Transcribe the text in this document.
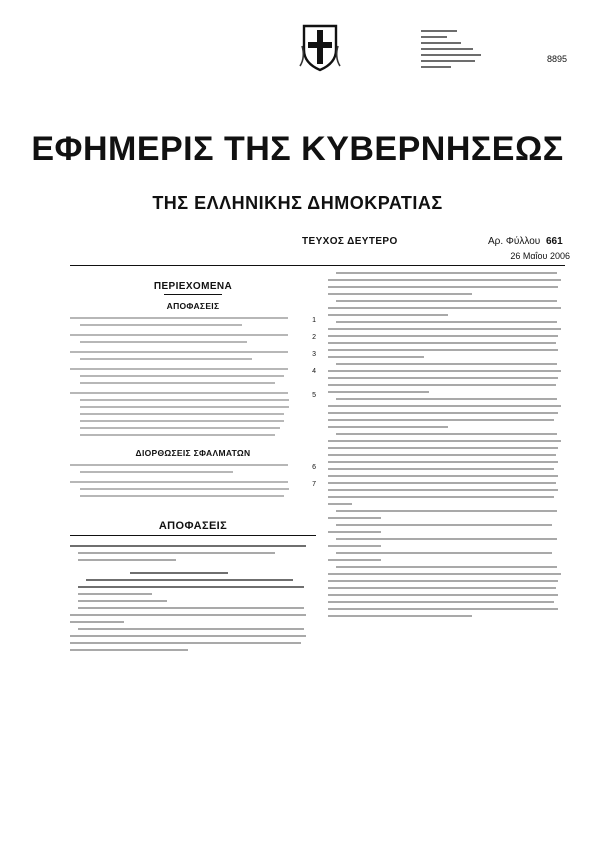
8895
ΕΦΗΜΕΡΙΣ ΤΗΣ ΚΥΒΕΡΝΗΣΕΩΣ
ΤΗΣ ΕΛΛΗΝΙΚΗΣ ΔΗΜΟΚΡΑΤΙΑΣ
ΤΕΥΧΟΣ ΔΕΥΤΕΡΟ	Αρ. Φύλλου 661
26 Μαΐου 2006
ΠΕΡΙΕΧΟΜΕΝΑ
ΑΠΟΦΑΣΕΙΣ
1
2
3
4
5
ΔΙΟΡΘΩΣΕΙΣ ΣΦΑΛΜΑΤΩΝ
6
7
ΑΠΟΦΑΣΕΙΣ
